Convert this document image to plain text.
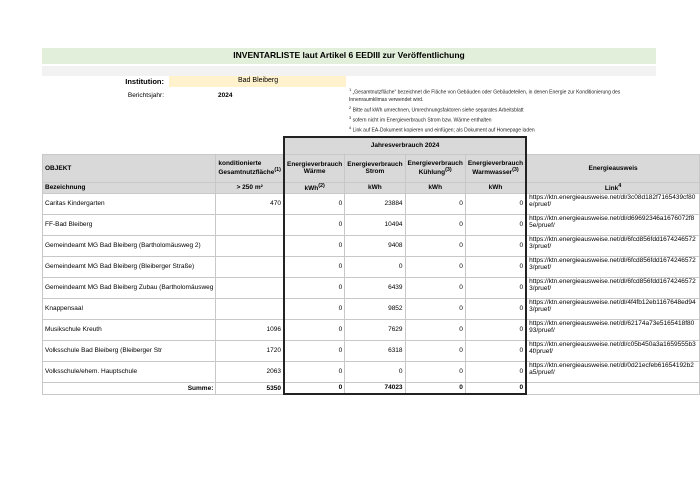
INVENTARLISTE laut Artikel 6 EEDIII zur Veröffentlichung
Institution:	Bad Bleiberg
Berichtsjahr:	2024
$^1$ „Gesamtnutzfläche“ bezeichnet die Fläche von Gebäuden oder Gebäudeteilen, in denen Energie zur Konditionierung des Innenraumklimas verwendet wird.
$^2$ Bitte auf kWh umrechnen, Umrechnungsfaktoren siehe separates Arbeitsblatt
$^3$ sofern nicht im Energieverbrauch Strom bzw. Wärme enthalten
$^4$ Link auf EA-Dokument kopieren und einfügen; als Dokument auf Homepage laden
		Jahresverbrauch 2024				
OBJEKT	konditionierte Gesamtnutzfläche$^{(1)}$	Energieverbrauch Wärme	Energieverbrauch Strom	Energieverbrauch Kühlung$^{(3)}$	Energieverbrauch Warmwasser$^{(3)}$	Energieausweis
Bezeichnung	> 250 m²	kWh$^{(2)}$	kWh	kWh	kWh	Link$^4$
Caritas Kindergarten	470	0	23884	0	0	https://ktn.energieausweise.net/dl/3c08d182f7165439cf80e/pruef/
FF-Bad Bleiberg		0	10494	0	0	https://ktn.energieausweise.net/dl/d69692346a1676072f85e/pruef/
Gemeindeamt MG Bad Bleiberg (Bartholomäusweg 2)		0	9408	0	0	https://ktn.energieausweise.net/dl/6fcd856fdd16742465723/pruef/
Gemeindeamt MG Bad Bleiberg (Bleiberger Straße)		0	0	0	0	https://ktn.energieausweise.net/dl/6fcd856fdd16742465723/pruef/
Gemeindeamt MG Bad Bleiberg Zubau (Bartholomäusweg		0	6439	0	0	https://ktn.energieausweise.net/dl/6fcd856fdd16742465723/pruef/
Knappensaal		0	9852	0	0	https://ktn.energieausweise.net/dl/4f4fb12eb1167648ed943/pruef/
Musikschule Kreuth	1096	0	7629	0	0	https://ktn.energieausweise.net/dl/62174a73e5165418f8093/pruef/
Volksschule Bad Bleiberg (Bleiberger Str	1720	0	6318	0	0	https://ktn.energieausweise.net/dl/c05b450a3a1659555b34f/pruef/
Volksschule/ehem. Hauptschule	2063	0	0	0	0	https://ktn.energieausweise.net/dl/0d21ecfeb61654192b2a5/pruef/
Summe:	5350	0	74023	0	0	
